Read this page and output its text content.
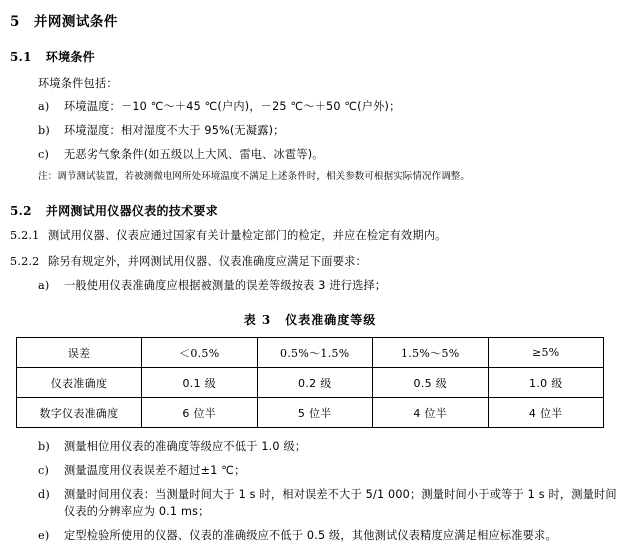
5 并网测试条件
5.1 环境条件
环境条件包括：
a)	环境温度：－10 ℃～＋45 ℃(户内)，－25 ℃～＋50 ℃(户外)；
b)	环境湿度：相对湿度不大于 95%(无凝露)；
c)	无恶劣气象条件(如五级以上大风、雷电、冰雹等)。
注：调节测试装置，若被测微电网所处环境温度不满足上述条件时，相关参数可根据实际情况作调整。
5.2 并网测试用仪器仪表的技术要求
5.2.1 测试用仪器、仪表应通过国家有关计量检定部门的检定，并应在检定有效期内。
5.2.2 除另有规定外，并网测试用仪器、仪表准确度应满足下面要求：
a)	一般使用仪表准确度应根据被测量的误差等级按表 3 进行选择；
表 3 仪表准确度等级
误差	＜0.5%	0.5%～1.5%	1.5%～5%	≥5%
仪表准确度	0.1 级	0.2 级	0.5 级	1.0 级
数字仪表准确度	6 位半	5 位半	4 位半	4 位半
b)	测量相位用仪表的准确度等级应不低于 1.0 级；
c)	测量温度用仪表误差不超过±1 ℃；
d)	测量时间用仪表：当测量时间大于 1 s 时，相对误差不大于 5/1 000；测量时间小于或等于 1 s 时，测量时间仪表的分辨率应为 0.1 ms；
e)	定型检验所使用的仪器、仪表的准确级应不低于 0.5 级，其他测试仪表精度应满足相应标准要求。
